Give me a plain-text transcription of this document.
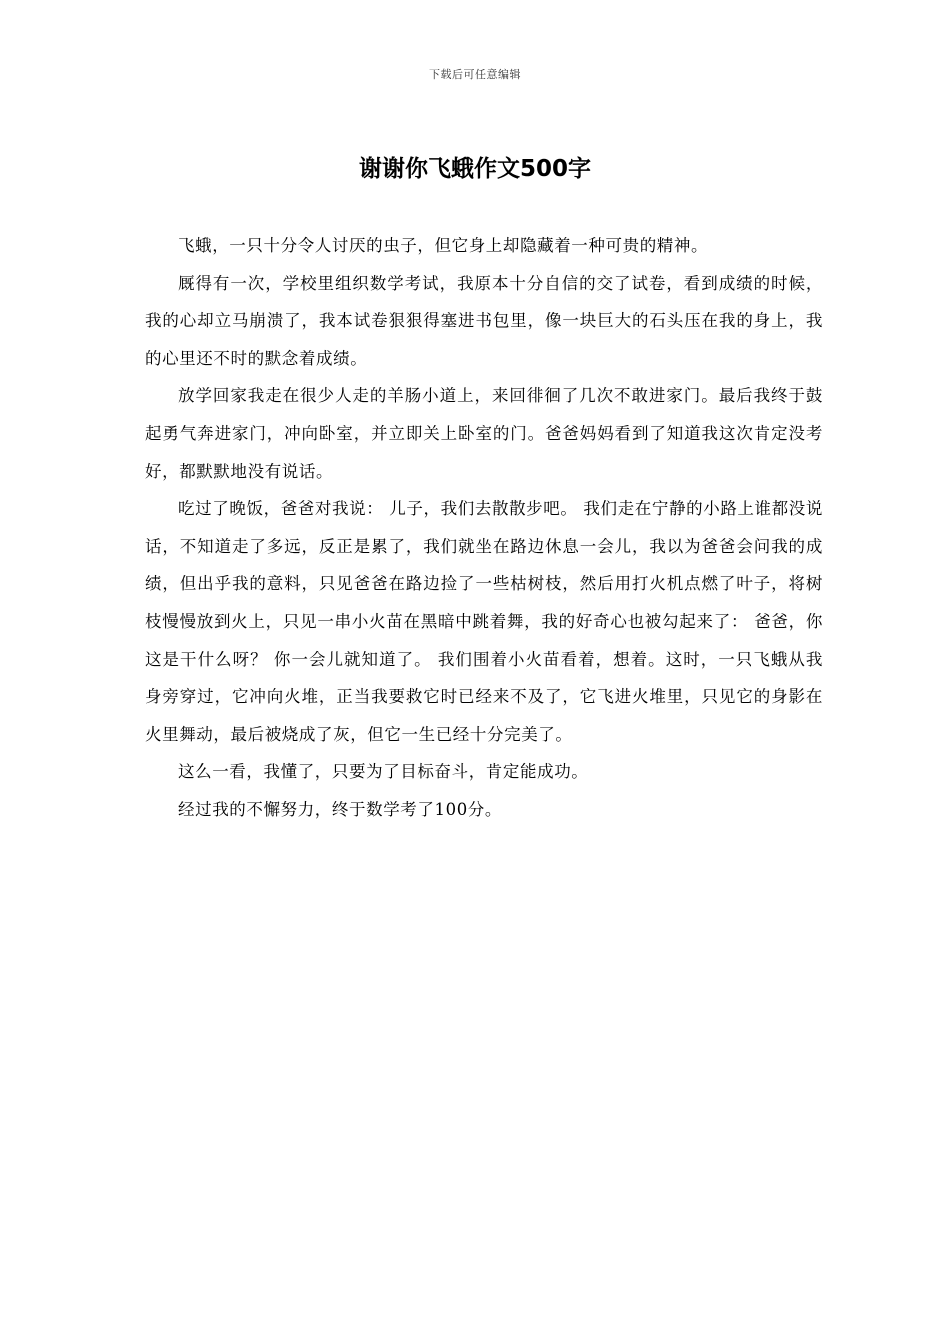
下载后可任意编辑
谢谢你飞蛾作文500字

飞蛾，一只十分令人讨厌的虫子，但它身上却隐藏着一种可贵的精神。

厩得有一次，学校里组织数学考试，我原本十分自信的交了试卷，看到成绩的时候，我的心却立马崩溃了，我本试卷狠狠得塞进书包里，像一块巨大的石头压在我的身上，我的心里还不时的默念着成绩。

放学回家我走在很少人走的羊肠小道上，来回徘徊了几次不敢进家门。最后我终于鼓起勇气奔进家门，冲向卧室，并立即关上卧室的门。爸爸妈妈看到了知道我这次肯定没考好，都默默地没有说话。

吃过了晚饭，爸爸对我说： 儿子，我们去散散步吧。 我们走在宁静的小路上谁都没说话，不知道走了多远，反正是累了，我们就坐在路边休息一会儿，我以为爸爸会问我的成绩，但出乎我的意料，只见爸爸在路边捡了一些枯树枝，然后用打火机点燃了叶子，将树枝慢慢放到火上，只见一串小火苗在黑暗中跳着舞，我的好奇心也被勾起来了： 爸爸，你这是干什么呀？ 你一会儿就知道了。 我们围着小火苗看着，想着。这时，一只飞蛾从我身旁穿过，它冲向火堆，正当我要救它时已经来不及了，它飞进火堆里，只见它的身影在火里舞动，最后被烧成了灰，但它一生已经十分完美了。

这么一看，我懂了，只要为了目标奋斗，肯定能成功。

经过我的不懈努力，终于数学考了100分。
